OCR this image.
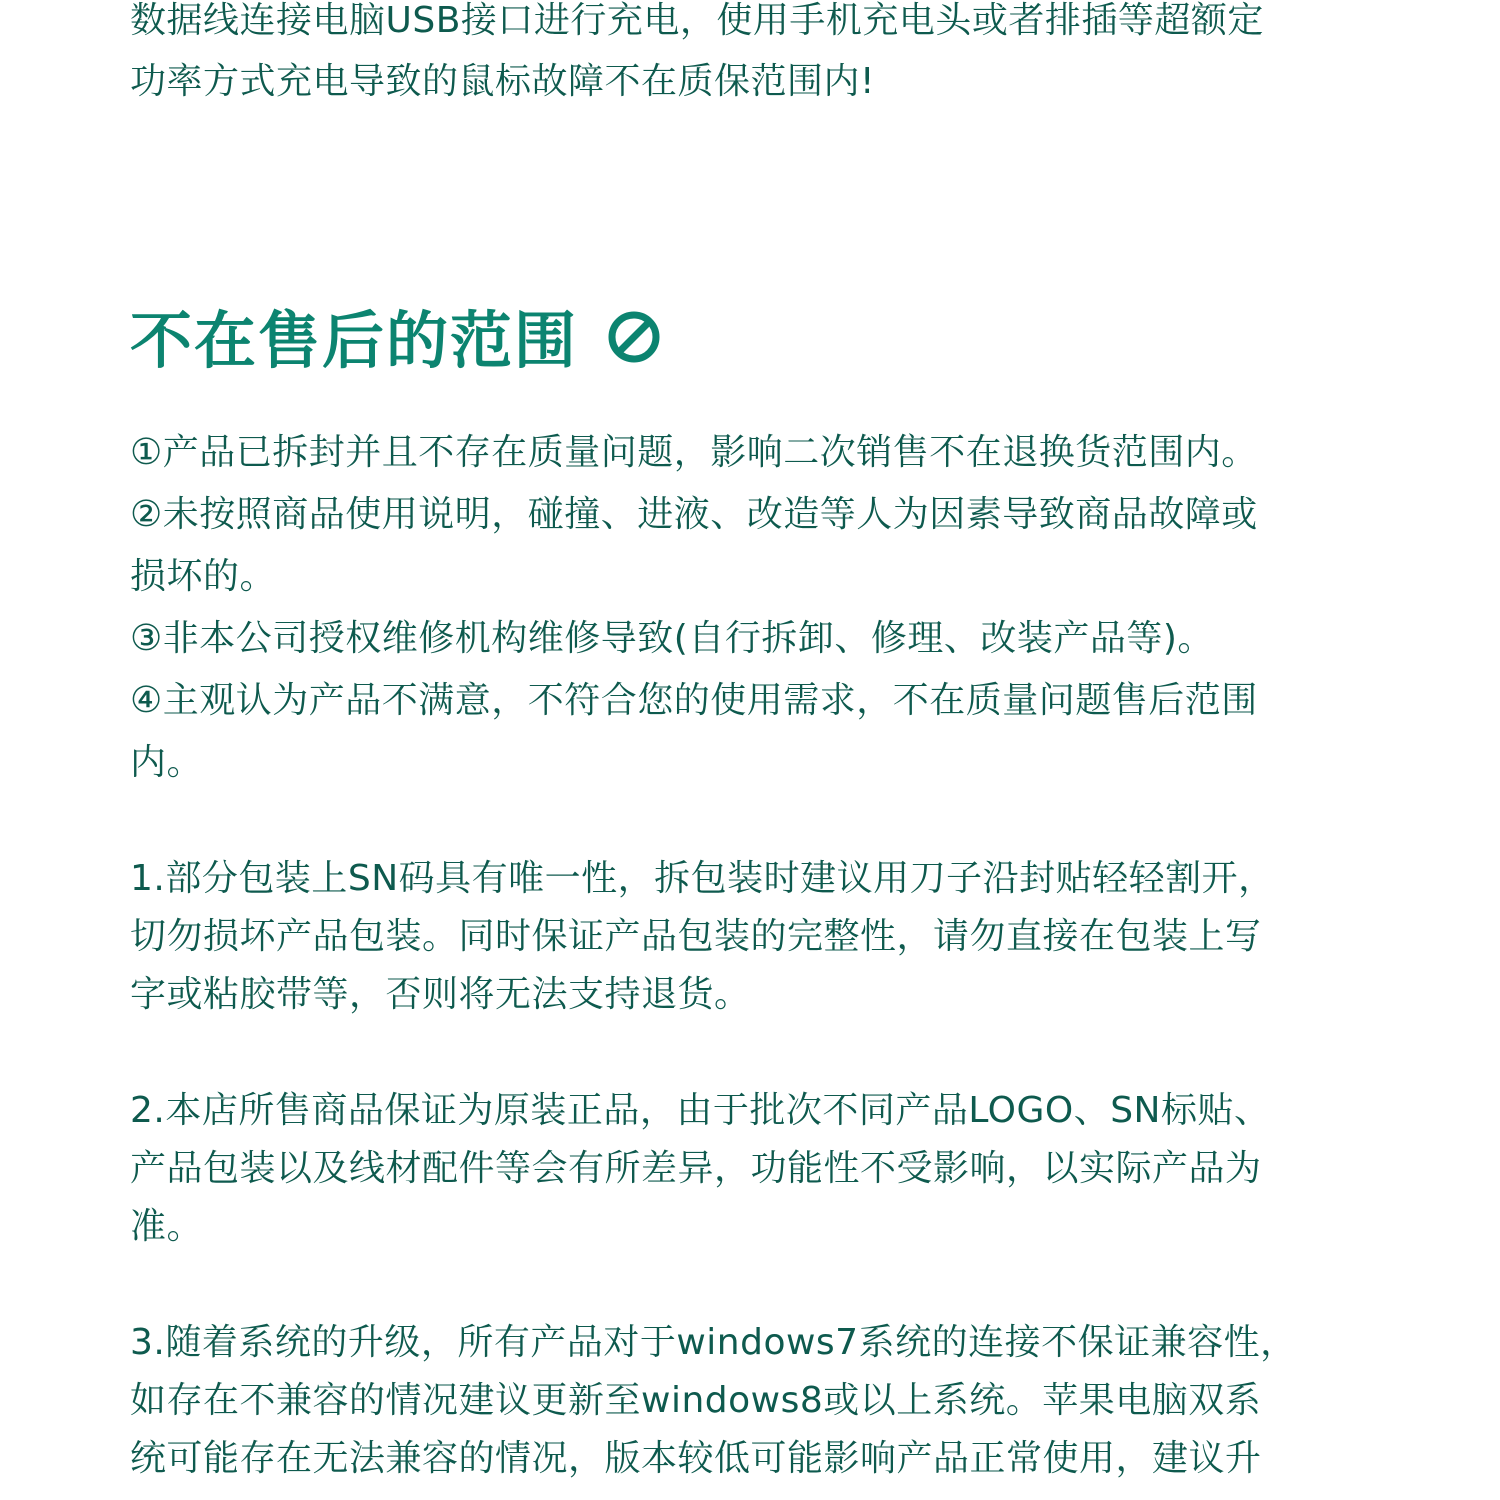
数据线连接电脑USB接口进行充电，使用手机充电头或者排插等超额定

功率方式充电导致的鼠标故障不在质保范围内!

不在售后的范围

①产品已拆封并且不存在质量问题，影响二次销售不在退换货范围内。

②未按照商品使用说明，碰撞、进液、改造等人为因素导致商品故障或

损坏的。

③非本公司授权维修机构维修导致(自行拆卸、修理、改装产品等)。

④主观认为产品不满意，不符合您的使用需求，不在质量问题售后范围

内。

1.部分包装上SN码具有唯一性，拆包装时建议用刀子沿封贴轻轻割开，

切勿损坏产品包装。同时保证产品包装的完整性，请勿直接在包装上写

字或粘胶带等，否则将无法支持退货。

2.本店所售商品保证为原装正品，由于批次不同产品LOGO、SN标贴、

产品包装以及线材配件等会有所差异，功能性不受影响，以实际产品为

准。

3.随着系统的升级，所有产品对于windows7系统的连接不保证兼容性，

如存在不兼容的情况建议更新至windows8或以上系统。苹果电脑双系

统可能存在无法兼容的情况，版本较低可能影响产品正常使用，建议升
